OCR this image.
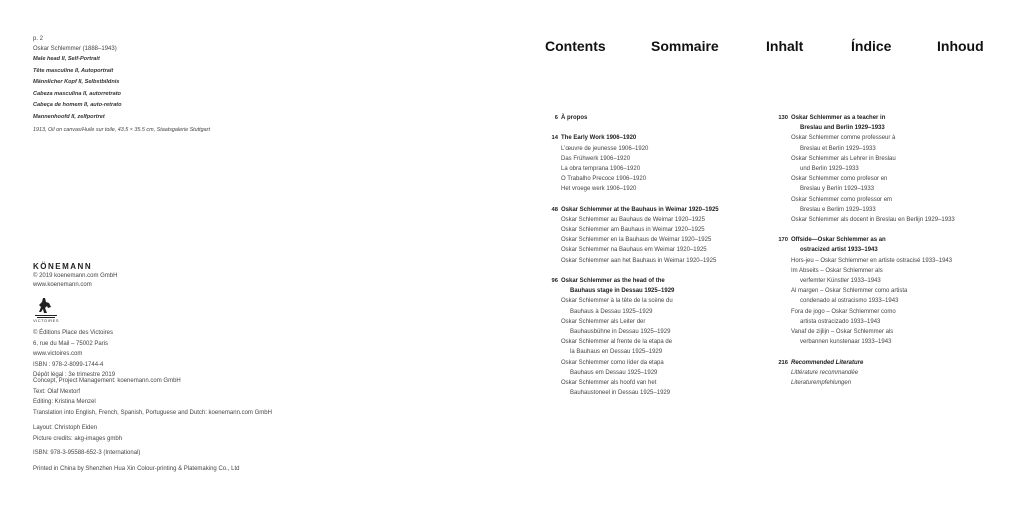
p. 2
Oskar Schlemmer (1888–1943)
Male head II, Self-Portrait
Tête masculine II, Autoportrait
Männlicher Kopf II, Selbstbildnis
Cabeza masculina II, autorretrato
Cabeça de homem II, auto-retrato
Mannenhoofd II, zelfportret
1913, Oil on canvas/Huile sur toile, 43.5 × 35.5 cm, Staatsgalerie Stuttgart
KÖNEMANN
© 2019 koenemann.com GmbH
www.koenemann.com
VICTOIRES
© Éditions Place des Victoires
6, rue du Mail – 75002 Paris
www.victoires.com
ISBN : 978-2-8099-1744-4
Dépôt légal : 3e trimestre 2019
Concept, Project Management: koenemann.com GmbH
Text: Olaf Mextorf
Editing: Kristina Menzel
Translation into English, French, Spanish, Portuguese and Dutch: koenemann.com GmbH
Layout: Christoph Eiden
Picture credits: akg-images gmbh
ISBN: 978-3-95588-652-3 (International)
Printed in China by Shenzhen Hua Xin Colour-printing & Platemaking Co., Ltd
Contents	Sommaire	Inhalt	Índice	Inhoud
6 À propos
14 The Early Work 1906–1920
L’œuvre de jeunesse 1906–1920
Das Frühwerk 1906–1920
La obra temprana 1906–1920
O Trabalho Precoce 1906–1920
Het vroege werk 1906–1920
48 Oskar Schlemmer at the Bauhaus in Weimar 1920–1925
Oskar Schlemmer au Bauhaus de Weimar 1920–1925
Oskar Schlemmer am Bauhaus in Weimar 1920–1925
Oskar Schlemmer en la Bauhaus de Weimar 1920–1925
Oskar Schlemmer na Bauhaus em Weimar 1920–1925
Oskar Schlemmer aan het Bauhaus in Weimar 1920–1925
96 Oskar Schlemmer as the head of the
Bauhaus stage in Dessau 1925–1929
Oskar Schlemmer à la tête de la scène du
Bauhaus à Dessau 1925–1929
Oskar Schlemmer als Leiter der
Bauhausbühne in Dessau 1925–1929
Oskar Schlemmer al frente de la etapa de
la Bauhaus en Dessau 1925–1929
Oskar Schlemmer como líder da etapa
Bauhaus em Dessau 1925–1929
Oskar Schlemmer als hoofd van het
Bauhaustoneel in Dessau 1925–1929
130 Oskar Schlemmer as a teacher in
Breslau and Berlin 1929–1933
Oskar Schlemmer comme professeur à
Breslau et Berlin 1929–1933
Oskar Schlemmer als Lehrer in Breslau
und Berlin 1929–1933
Oskar Schlemmer como profesor en
Breslau y Berlín 1929–1933
Oskar Schlemmer como professor em
Breslau e Berlim 1929–1933
Oskar Schlemmer als docent in Breslau en Berlijn 1929–1933
170 Offside—Oskar Schlemmer as an
ostracized artist 1933–1943
Hors-jeu – Oskar Schlemmer en artiste ostracisé 1933–1943
Im Abseits – Oskar Schlemmer als
verfemter Künstler 1933–1943
Al margen – Oskar Schlemmer como artista
condenado al ostracismo 1933–1943
Fora de jogo – Oskar Schlemmer como
artista ostracizado 1933–1943
Vanaf de zijlijn – Oskar Schlemmer als
verbannen kunstenaar 1933–1943
216 Recommended Literature
Littérature recommandée
Literaturempfehlungen
